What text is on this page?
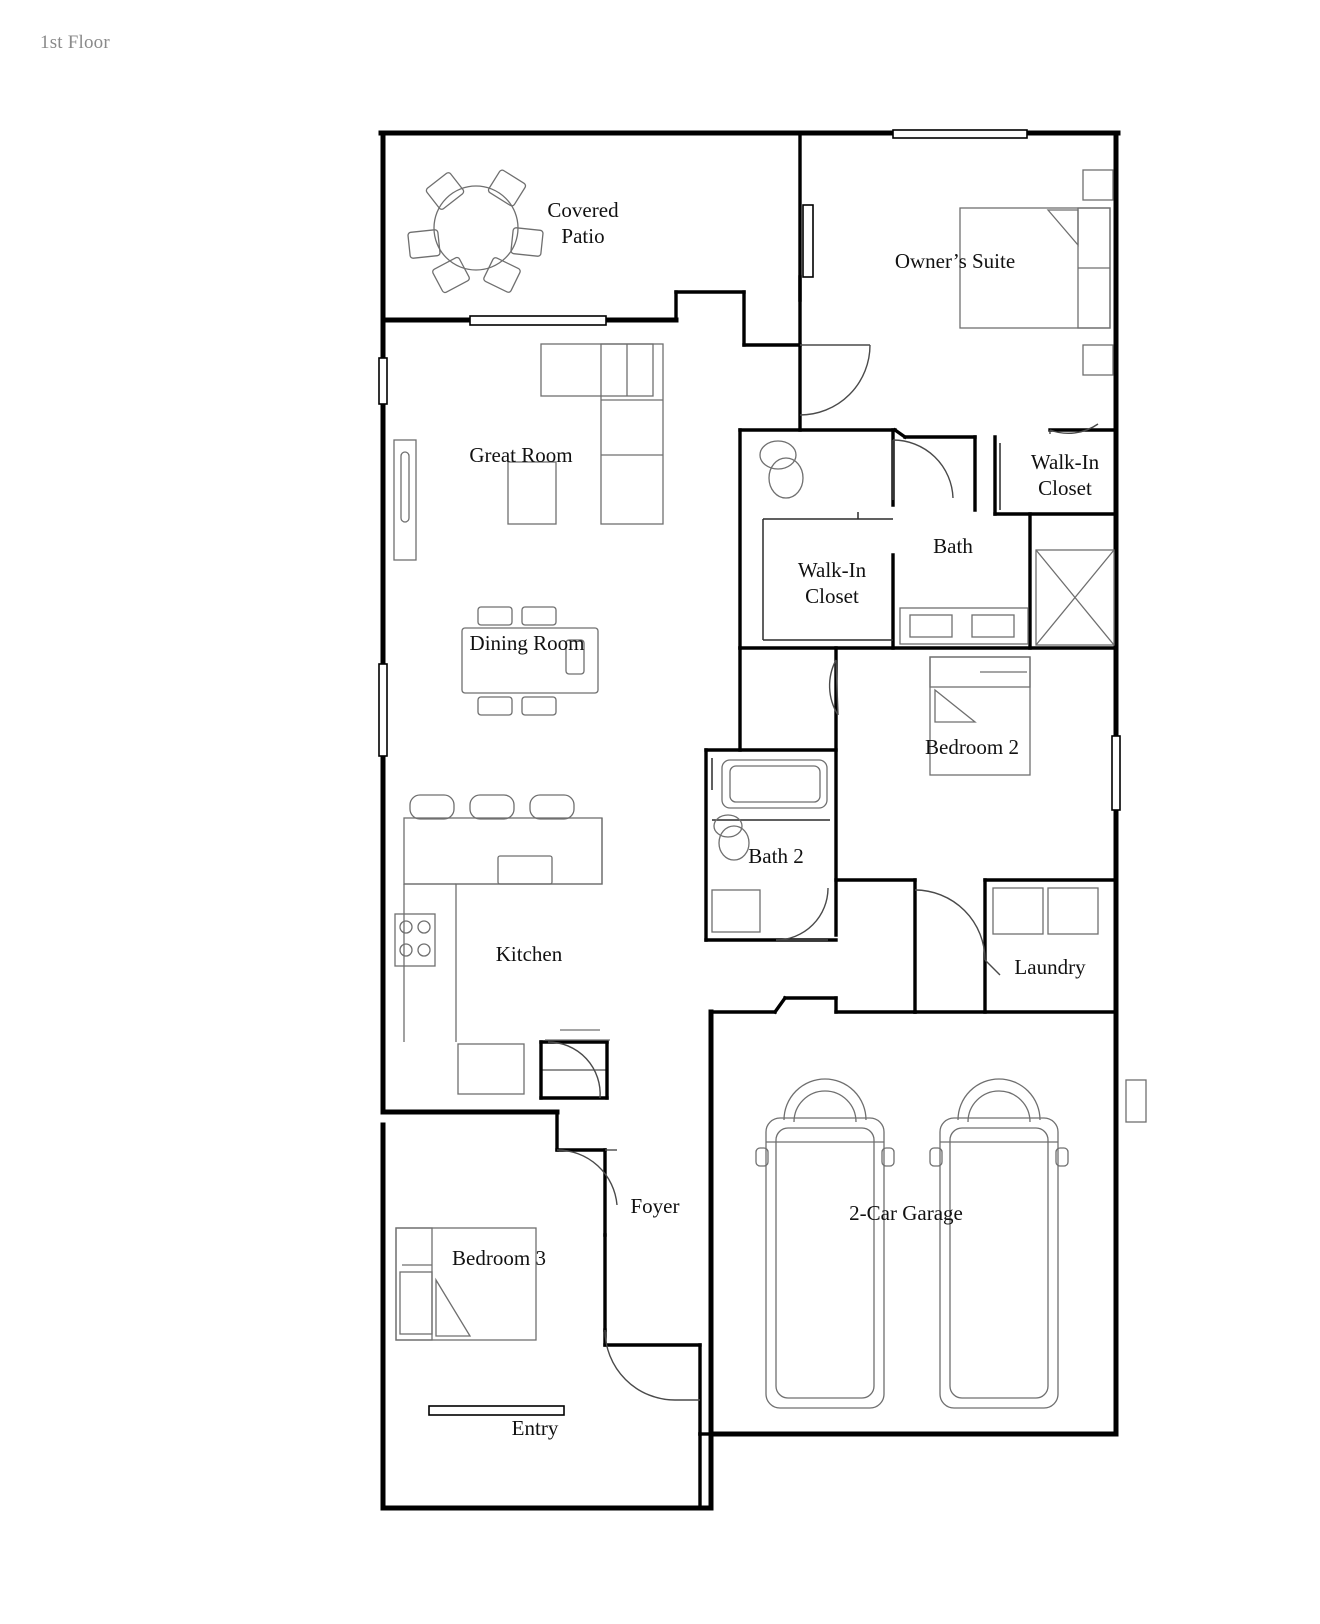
1st Floor
Covered
Patio
Owner’s Suite
Great Room	Walk-In
Closet
Bath
Walk-In
Closet
Dining Room
Bedroom 2
Bath 2
Kitchen
Laundry
Foyer	2-Car Garage
Bedroom 3
Entry
